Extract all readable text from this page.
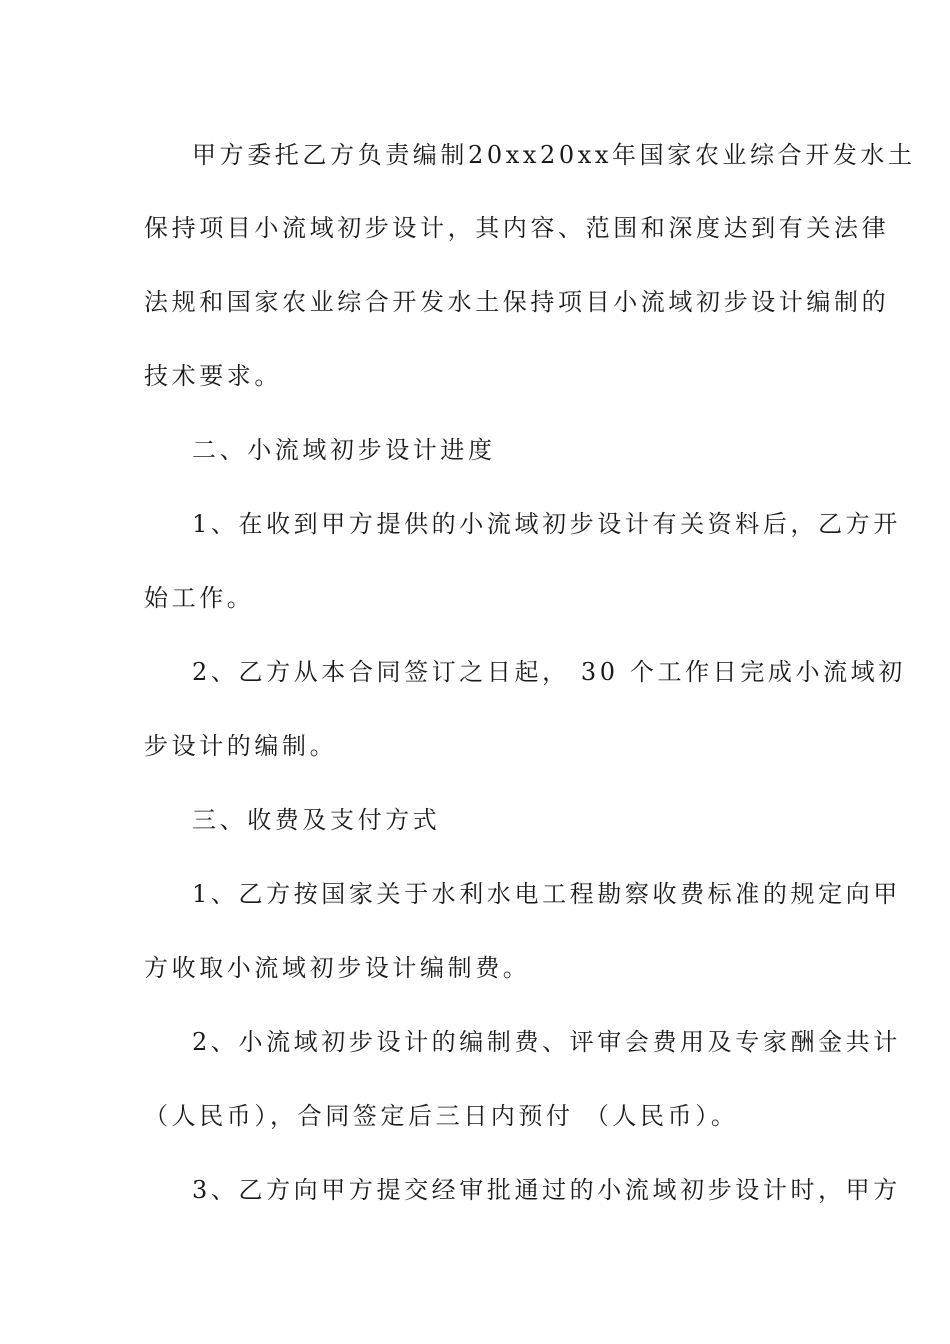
甲方委托乙方负责编制20xx20xx年国家农业综合开发水土
保持项目小流域初步设计，其内容、范围和深度达到有关法律
法规和国家农业综合开发水土保持项目小流域初步设计编制的
技术要求。
二、小流域初步设计进度
1、在收到甲方提供的小流域初步设计有关资料后，乙方开
始工作。
2、乙方从本合同签订之日起， 30 个工作日完成小流域初
步设计的编制。
三、收费及支付方式
1、乙方按国家关于水利水电工程勘察收费标准的规定向甲
方收取小流域初步设计编制费。
2、小流域初步设计的编制费、评审会费用及专家酬金共计
（人民币），合同签定后三日内预付 （人民币）。
3、乙方向甲方提交经审批通过的小流域初步设计时，甲方
